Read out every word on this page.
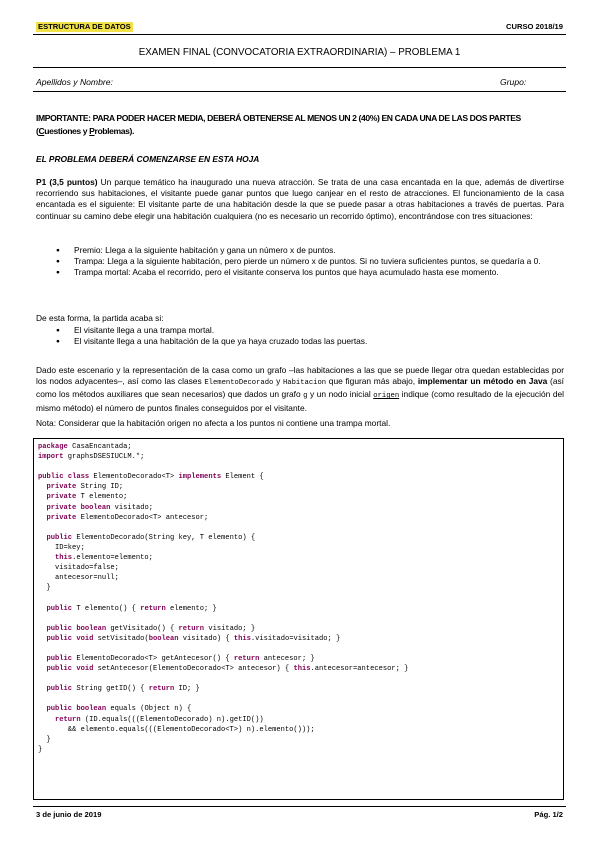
ESTRUCTURA DE DATOS	CURSO 2018/19
EXAMEN FINAL (CONVOCATORIA EXTRAORDINARIA) – PROBLEMA 1
Apellidos y Nombre:	Grupo:
IMPORTANTE: PARA PODER HACER MEDIA, DEBERÁ OBTENERSE AL MENOS UN 2 (40%) EN CADA UNA DE LAS DOS PARTES (Cuestiones y Problemas).
EL PROBLEMA DEBERÁ COMENZARSE EN ESTA HOJA
P1 (3,5 puntos) Un parque temático ha inaugurado una nueva atracción. Se trata de una casa encantada en la que, además de divertirse recorriendo sus habitaciones, el visitante puede ganar puntos que luego canjear en el resto de atracciones. El funcionamiento de la casa encantada es el siguiente: El visitante parte de una habitación desde la que se puede pasar a otras habitaciones a través de puertas. Para continuar su camino debe elegir una habitación cualquiera (no es necesario un recorrido óptimo), encontrándose con tres situaciones:
● Premio: Llega a la siguiente habitación y gana un número x de puntos.
● Trampa: Llega a la siguiente habitación, pero pierde un número x de puntos. Si no tuviera suficientes puntos, se quedaría a 0.
● Trampa mortal: Acaba el recorrido, pero el visitante conserva los puntos que haya acumulado hasta ese momento.
De esta forma, la partida acaba si:
● El visitante llega a una trampa mortal.
● El visitante llega a una habitación de la que ya haya cruzado todas las puertas.
Dado este escenario y la representación de la casa como un grafo –las habitaciones a las que se puede llegar otra quedan establecidas por los nodos adyacentes–, así como las clases ElementoDecorado y Habitacion que figuran más abajo, implementar un método en Java (así como los métodos auxiliares que sean necesarios) que dados un grafo g y un nodo inicial origen indique (como resultado de la ejecución del mismo método) el número de puntos finales conseguidos por el visitante.
Nota: Considerar que la habitación origen no afecta a los puntos ni contiene una trampa mortal.
package CasaEncantada;
import graphsDSESIUCLM.*;

public class ElementoDecorado<T> implements Element {
private String ID;
private T elemento;
private boolean visitado;
private ElementoDecorado<T> antecesor;

public ElementoDecorado(String key, T elemento) {
ID=key;
this.elemento=elemento;
visitado=false;
antecesor=null;
}

public T elemento() { return elemento; }

public boolean getVisitado() { return visitado; }
public void setVisitado(boolean visitado) { this.visitado=visitado; }

public ElementoDecorado<T> getAntecesor() { return antecesor; }
public void setAntecesor(ElementoDecorado<T> antecesor) { this.antecesor=antecesor; }

public String getID() { return ID; }

public boolean equals (Object n) {
return (ID.equals(((ElementoDecorado) n).getID())
&& elemento.equals(((ElementoDecorado<T>) n).elemento()));
}
}

3 de junio de 2019	Pág. 1/2
